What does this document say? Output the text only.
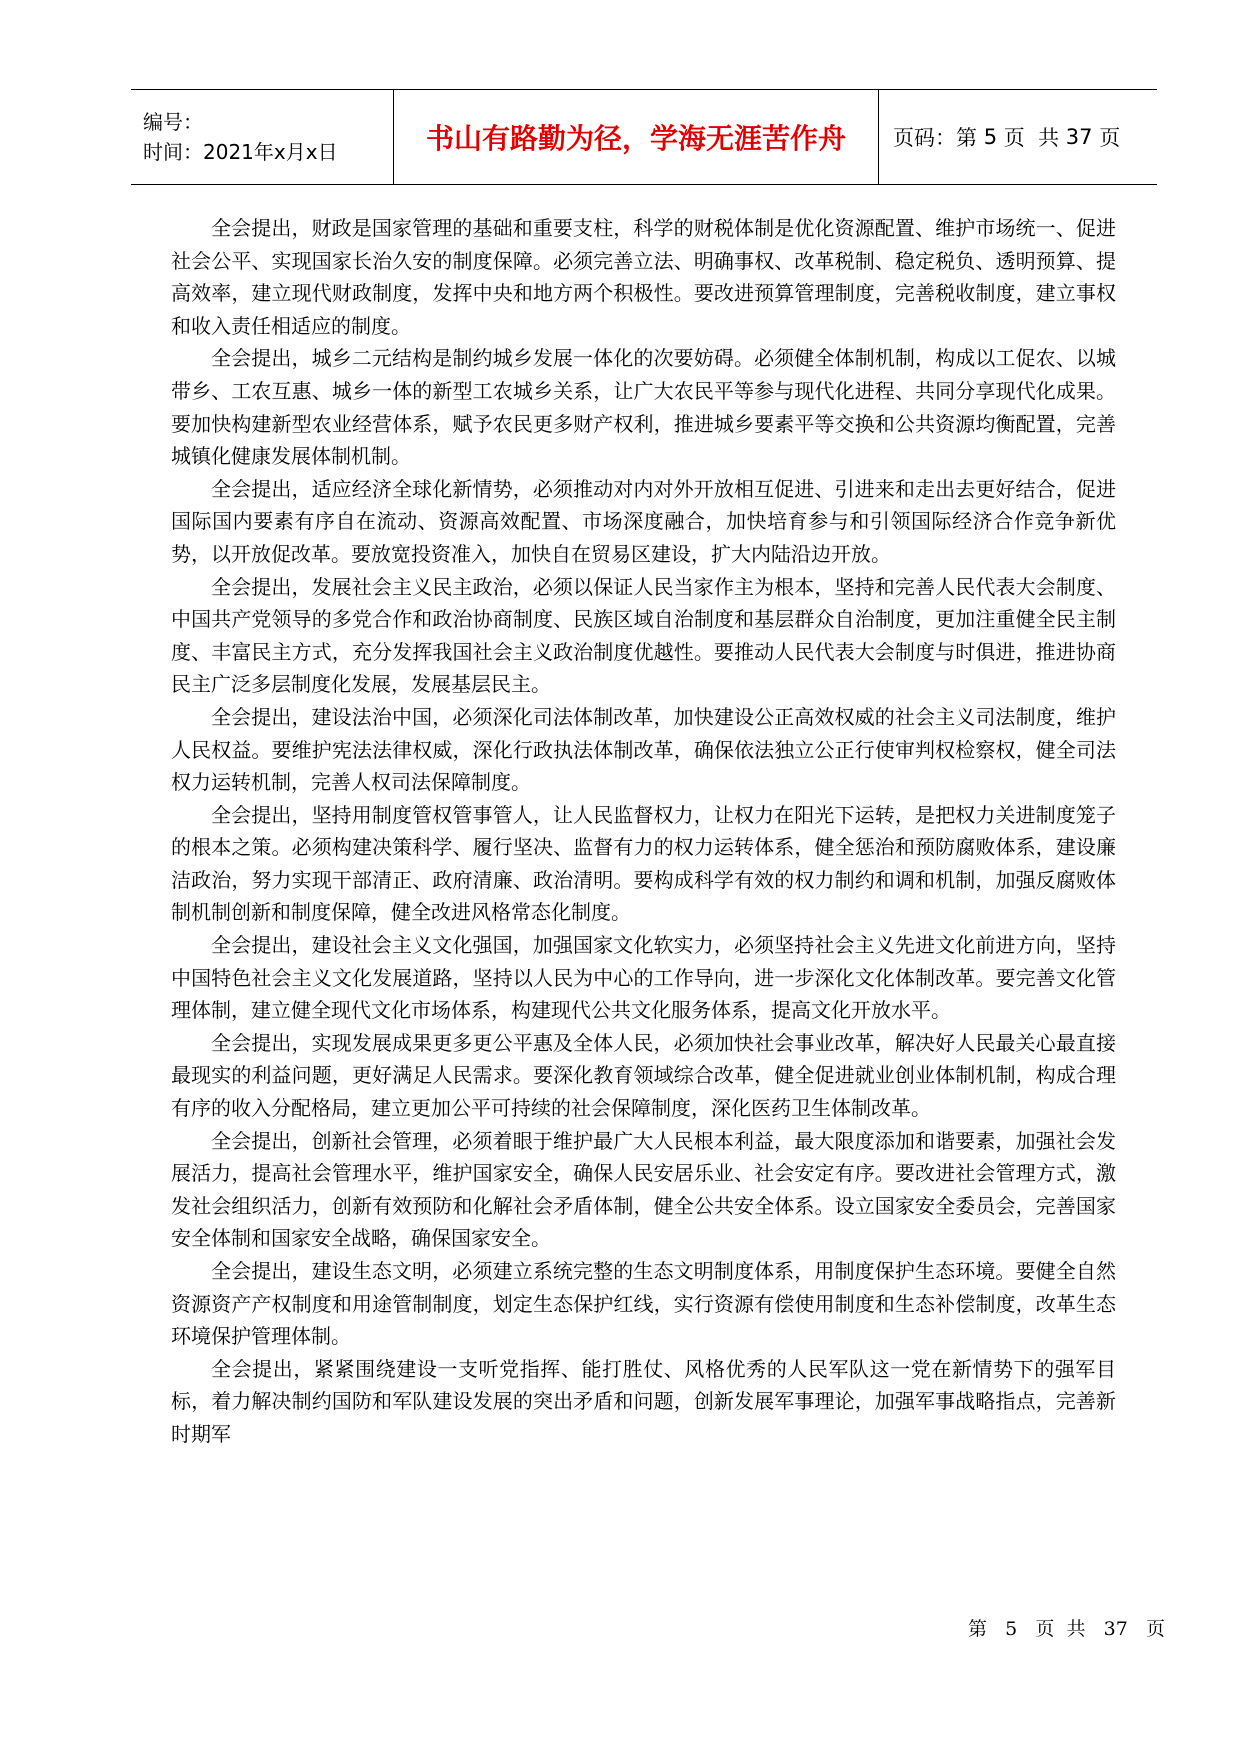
编号：
时间：2021年x月x日	书山有路勤为径，学海无涯苦作舟 页码：第
5
页  共
37
页

全会提出，财政是国家管理的基础和重要支柱，科学的财税体制是优化资源配置、维护市场统一、促进社会公平、实现国家长治久安的制度保障。必须完善立法、明确事权、改革税制、稳定税负、透明预算、提高效率，建立现代财政制度，发挥中央和地方两个积极性。要改进预算管理制度，完善税收制度，建立事权和收入责任相适应的制度。

全会提出，城乡二元结构是制约城乡发展一体化的次要妨碍。必须健全体制机制，构成以工促农、以城带乡、工农互惠、城乡一体的新型工农城乡关系，让广大农民平等参与现代化进程、共同分享现代化成果。要加快构建新型农业经营体系，赋予农民更多财产权利，推进城乡要素平等交换和公共资源均衡配置，完善城镇化健康发展体制机制。

全会提出，适应经济全球化新情势，必须推动对内对外开放相互促进、引进来和走出去更好结合，促进国际国内要素有序自在流动、资源高效配置、市场深度融合，加快培育参与和引领国际经济合作竞争新优势，以开放促改革。要放宽投资准入，加快自在贸易区建设，扩大内陆沿边开放。

全会提出，发展社会主义民主政治，必须以保证人民当家作主为根本，坚持和完善人民代表大会制度、中国共产党领导的多党合作和政治协商制度、民族区域自治制度和基层群众自治制度，更加注重健全民主制度、丰富民主方式，充分发挥我国社会主义政治制度优越性。要推动人民代表大会制度与时俱进，推进协商民主广泛多层制度化发展，发展基层民主。

全会提出，建设法治中国，必须深化司法体制改革，加快建设公正高效权威的社会主义司法制度，维护人民权益。要维护宪法法律权威，深化行政执法体制改革，确保依法独立公正行使审判权检察权，健全司法权力运转机制，完善人权司法保障制度。

全会提出，坚持用制度管权管事管人，让人民监督权力，让权力在阳光下运转，是把权力关进制度笼子的根本之策。必须构建决策科学、履行坚决、监督有力的权力运转体系，健全惩治和预防腐败体系，建设廉洁政治，努力实现干部清正、政府清廉、政治清明。要构成科学有效的权力制约和调和机制，加强反腐败体制机制创新和制度保障，健全改进风格常态化制度。

全会提出，建设社会主义文化强国，加强国家文化软实力，必须坚持社会主义先进文化前进方向，坚持中国特色社会主义文化发展道路，坚持以人民为中心的工作导向，进一步深化文化体制改革。要完善文化管理体制，建立健全现代文化市场体系，构建现代公共文化服务体系，提高文化开放水平。

全会提出，实现发展成果更多更公平惠及全体人民，必须加快社会事业改革，解决好人民最关心最直接最现实的利益问题，更好满足人民需求。要深化教育领域综合改革，健全促进就业创业体制机制，构成合理有序的收入分配格局，建立更加公平可持续的社会保障制度，深化医药卫生体制改革。

全会提出，创新社会管理，必须着眼于维护最广大人民根本利益，最大限度添加和谐要素，加强社会发展活力，提高社会管理水平，维护国家安全，确保人民安居乐业、社会安定有序。要改进社会管理方式，激发社会组织活力，创新有效预防和化解社会矛盾体制，健全公共安全体系。设立国家安全委员会，完善国家安全体制和国家安全战略，确保国家安全。

全会提出，建设生态文明，必须建立系统完整的生态文明制度体系，用制度保护生态环境。要健全自然资源资产产权制度和用途管制制度，划定生态保护红线，实行资源有偿使用制度和生态补偿制度，改革生态环境保护管理体制。

全会提出，紧紧围绕建设一支听党指挥、能打胜仗、风格优秀的人民军队这一党在新情势下的强军目标，着力解决制约国防和军队建设发展的突出矛盾和问题，创新发展军事理论，加强军事战略指点，完善新时期军

第 5 页  共 37 页
